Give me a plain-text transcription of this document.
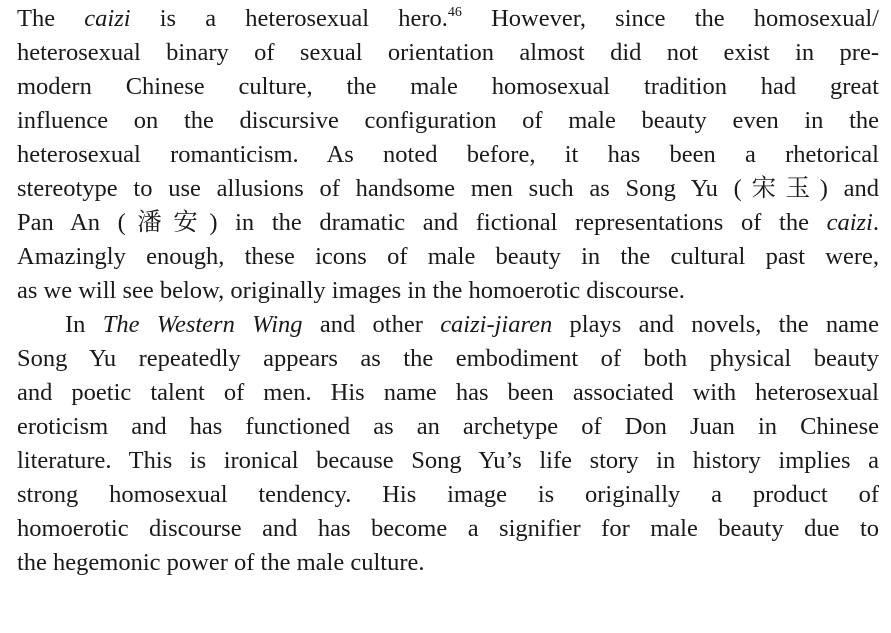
The caizi is a heterosexual hero.$^{46}$ However, since the homosexual/
heterosexual binary of sexual orientation almost did not exist in pre-
modern Chinese culture, the male homosexual tradition had great
influence on the discursive configuration of male beauty even in the
heterosexual romanticism. As noted before, it has been a rhetorical
stereotype to use allusions of handsome men such as Song Yu (宋玉) and
Pan An (潘安) in the dramatic and fictional representations of the caizi.
Amazingly enough, these icons of male beauty in the cultural past were,
as we will see below, originally images in the homoerotic discourse.
In The Western Wing and other caizi-jiaren plays and novels, the name
Song Yu repeatedly appears as the embodiment of both physical beauty
and poetic talent of men. His name has been associated with heterosexual
eroticism and has functioned as an archetype of Don Juan in Chinese
literature. This is ironical because Song Yu’s life story in history implies a
strong homosexual tendency. His image is originally a product of
homoerotic discourse and has become a signifier for male beauty due to
the hegemonic power of the male culture.
